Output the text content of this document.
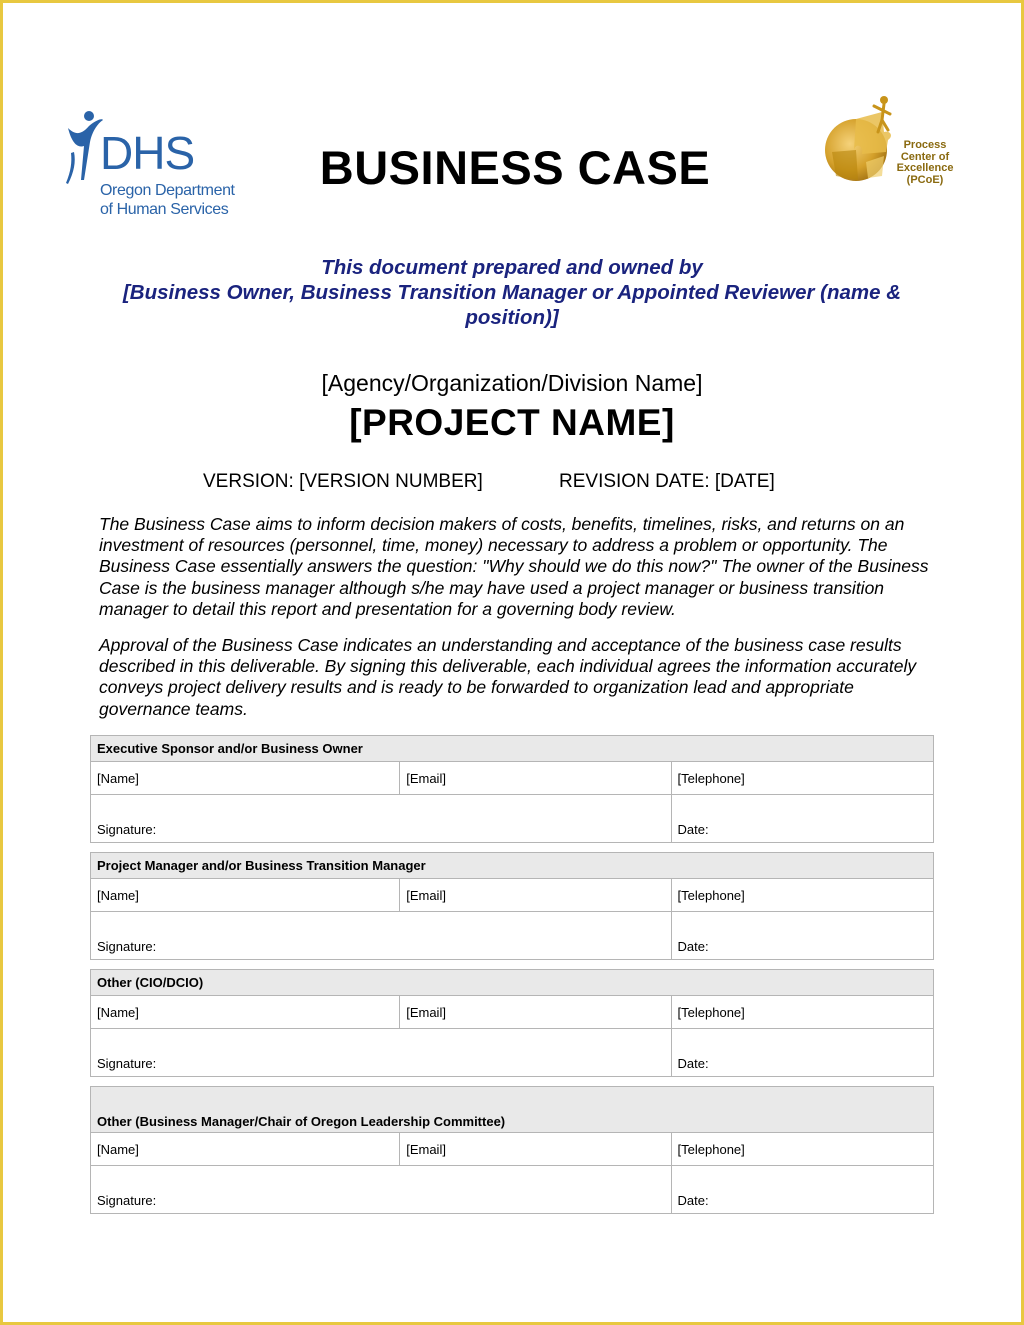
DHS
Oregon Department
of Human Services
BUSINESS CASE	Process
Center of
Excellence
(PCoE)
This document prepared and owned by
[Business Owner, Business Transition Manager or Appointed Reviewer (name &
position)]
[Agency/Organization/Division Name]
[PROJECT NAME]
VERSION: [VERSION NUMBER]	REVISION DATE: [DATE]
The Business Case aims to inform decision makers of costs, benefits, timelines, risks, and returns on an investment of resources (personnel, time, money) necessary to address a problem or opportunity. The Business Case essentially answers the question: "Why should we do this now?" The owner of the Business Case is the business manager although s/he may have used a project manager or business transition manager to detail this report and presentation for a governing body review.
Approval of the Business Case indicates an understanding and acceptance of the business case results described in this deliverable. By signing this deliverable, each individual agrees the information accurately conveys project delivery results and is ready to be forwarded to organization lead and appropriate governance teams.
Executive Sponsor and/or Business Owner		
[Name]	[Email]	[Telephone]
Signature:		Date:
Project Manager and/or Business Transition Manager		
[Name]	[Email]	[Telephone]
Signature:		Date:
Other (CIO/DCIO)		
[Name]	[Email]	[Telephone]
Signature:		Date:
Other (Business Manager/Chair of Oregon Leadership Committee)		
[Name]	[Email]	[Telephone]
Signature:		Date:
